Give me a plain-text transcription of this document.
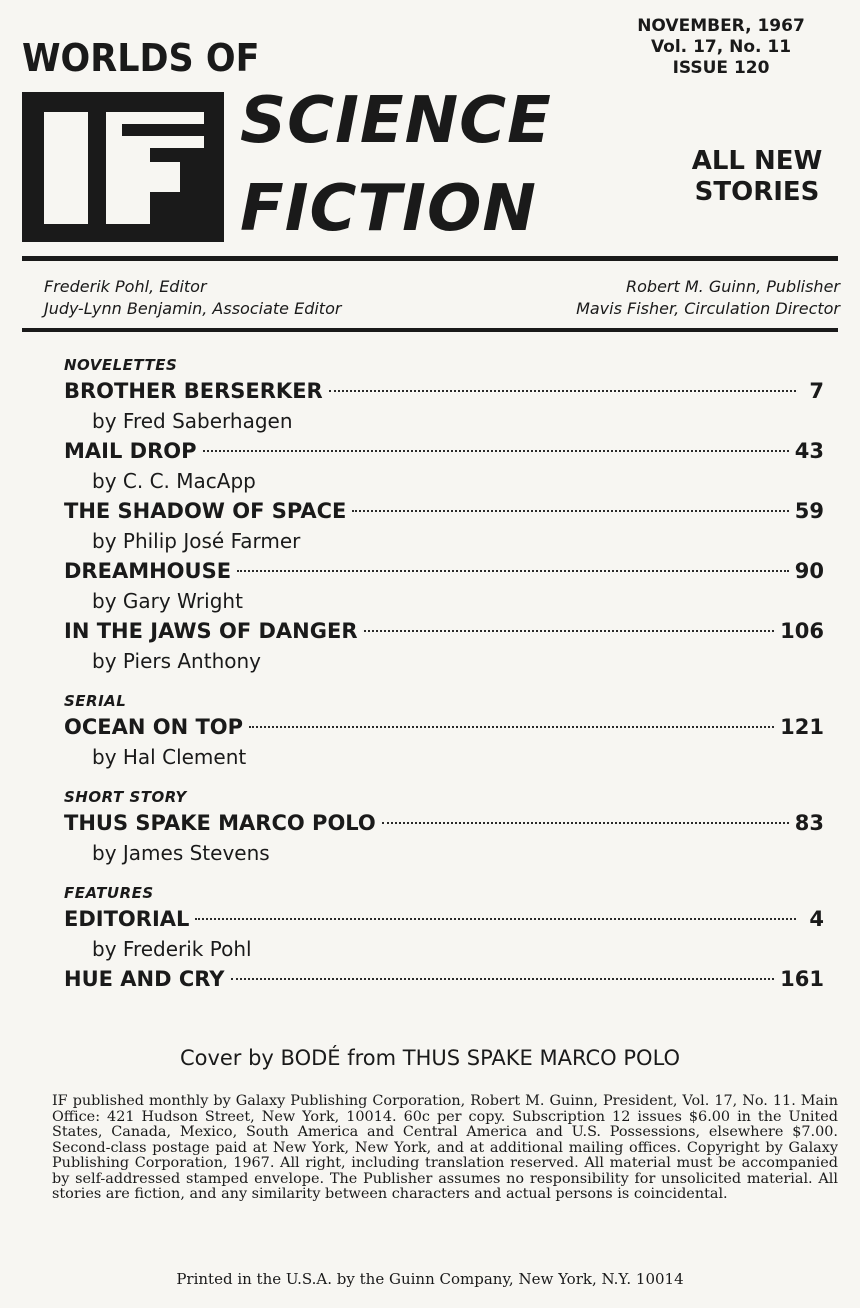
WORLDS OF
SCIENCE
FICTION
NOVEMBER, 1967
Vol. 17, No. 11
ISSUE 120
ALL NEW
STORIES
Frederik Pohl, Editor
Judy-Lynn Benjamin, Associate Editor
Robert M. Guinn, Publisher
Mavis Fisher, Circulation Director
NOVELETTES
BROTHER BERSERKER	7
by Fred Saberhagen
MAIL DROP	43
by C. C. MacApp
THE SHADOW OF SPACE	59
by Philip José Farmer
DREAMHOUSE	90
by Gary Wright
IN THE JAWS OF DANGER	106
by Piers Anthony
SERIAL
OCEAN ON TOP	121
by Hal Clement
SHORT STORY
THUS SPAKE MARCO POLO	83
by James Stevens
FEATURES
EDITORIAL	4
by Frederik Pohl
HUE AND CRY	161
Cover by BODÉ from THUS SPAKE MARCO POLO
IF published monthly by Galaxy Publishing Corporation, Robert M. Guinn, President, Vol. 17, No. 11. Main Office: 421 Hudson Street, New York, 10014. 60c per copy. Subscription 12 issues $6.00 in the United States, Canada, Mexico, South America and Central America and U.S. Possessions, elsewhere $7.00. Second-class postage paid at New York, New York, and at additional mailing offices. Copyright by Galaxy Publishing Corporation, 1967. All right, including translation reserved. All material must be accompanied by self-addressed stamped envelope. The Publisher assumes no responsibility for unsolicited material. All stories are fiction, and any similarity between characters and actual persons is coincidental.
Printed in the U.S.A. by the Guinn Company, New York, N.Y. 10014
